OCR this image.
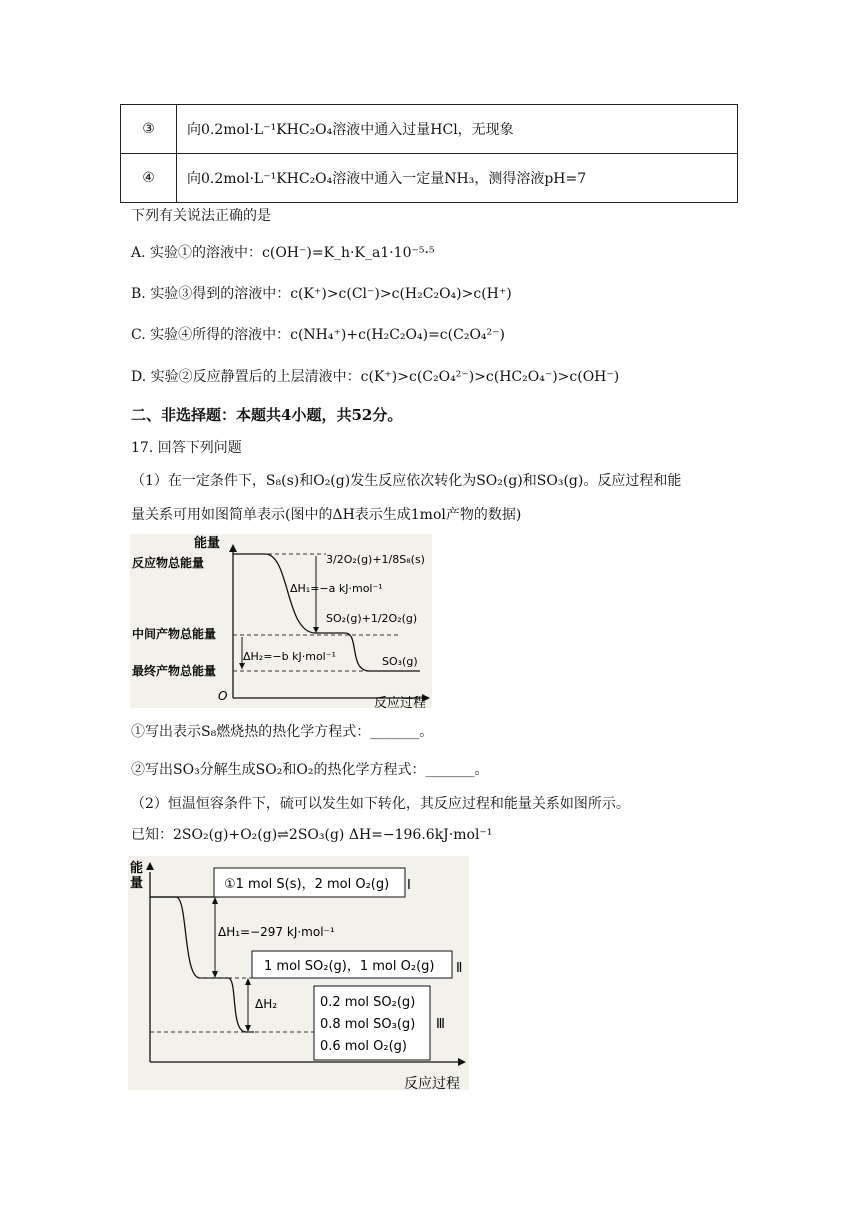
③	向0.2mol·L⁻¹KHC₂O₄溶液中通入过量HCl，无现象
④	向0.2mol·L⁻¹KHC₂O₄溶液中通入一定量NH₃，测得溶液pH=7
下列有关说法正确的是
A. 实验①的溶液中：c(OH⁻)=K_h·K_a1·10⁻⁵·⁵
B. 实验③得到的溶液中：c(K⁺)>c(Cl⁻)>c(H₂C₂O₄)>c(H⁺)
C. 实验④所得的溶液中：c(NH₄⁺)+c(H₂C₂O₄)=c(C₂O₄²⁻)
D. 实验②反应静置后的上层清液中：c(K⁺)>c(C₂O₄²⁻)>c(HC₂O₄⁻)>c(OH⁻)
二、非选择题：本题共4小题，共52分。
17. 回答下列问题
（1）在一定条件下，S₈(s)和O₂(g)发生反应依次转化为SO₂(g)和SO₃(g)。反应过程和能
量关系可用如图简单表示(图中的ΔH表示生成1mol产物的数据)
能量
O	反应过程
反应物总能量
中间产物总能量
最终产物总能量
3/2O₂(g)+1/8S₈(s)
ΔH₁=−a kJ·mol⁻¹
SO₂(g)+1/2O₂(g)
ΔH₂=−b kJ·mol⁻¹	SO₃(g)
①写出表示S₈燃烧热的热化学方程式：_______。
②写出SO₃分解生成SO₂和O₂的热化学方程式：_______。
（2）恒温恒容条件下，硫可以发生如下转化，其反应过程和能量关系如图所示。
已知：2SO₂(g)+O₂(g)⇌2SO₃(g) ΔH=−196.6kJ·mol⁻¹
能
量
反应过程
ΔH₁=−297 kJ·mol⁻¹
ΔH₂
①1 mol S(s)，2 mol O₂(g) Ⅰ
1 mol SO₂(g)，1 mol O₂(g) Ⅱ
0.2 mol SO₂(g)
0.8 mol SO₃(g)
0.6 mol O₂(g)
Ⅲ
